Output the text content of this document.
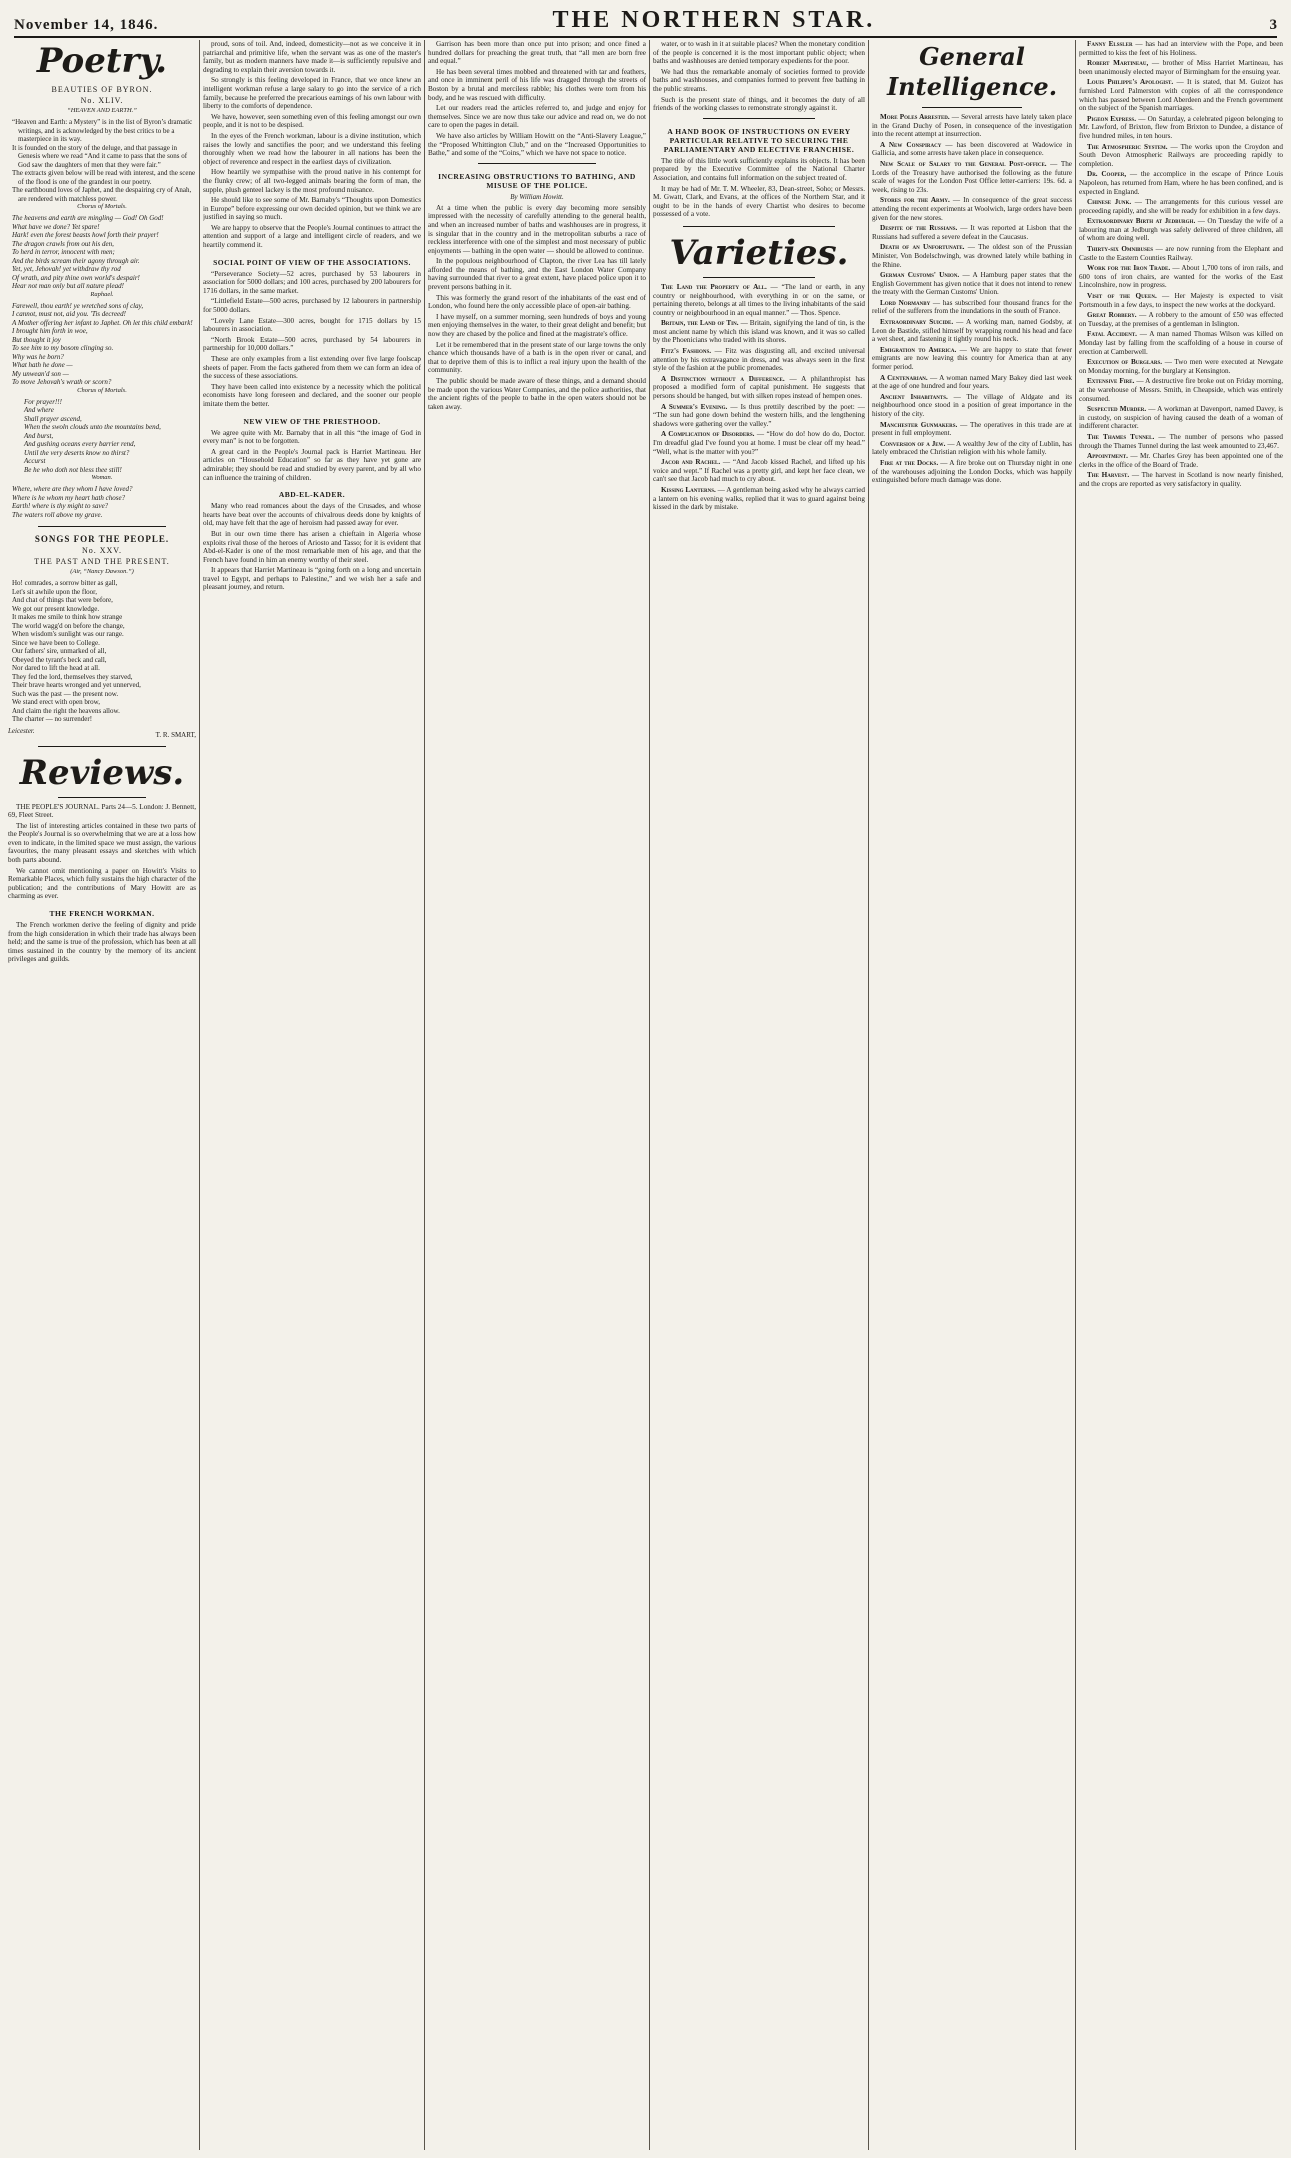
November 14, 1846.	THE NORTHERN STAR.	3
Poetry.
BEAUTIES OF BYRON.
No. XLIV.
“HEAVEN AND EARTH.”
“Heaven and Earth: a Mystery” is in the list of Byron’s dramatic writings, and is acknowledged by the best critics to be a masterpiece in its way.
It is founded on the story of the deluge, and that passage in Genesis where we read “And it came to pass that the sons of God saw the daughters of men that they were fair.”
The extracts given below will be read with interest, and the scene of the flood is one of the grandest in our poetry.
The earthbound loves of Japhet, and the despairing cry of Anah, are rendered with matchless power.
Chorus of Mortals.
The heavens and earth are mingling — God! Oh God!
What have we done? Yet spare!
Hark! even the forest beasts howl forth their prayer!
The dragon crawls from out his den,
To herd in terror, innocent with men;
And the birds scream their agony through air.
Yet, yet, Jehovah! yet withdraw thy rod
Of wrath, and pity thine own world's despair!
Hear not man only but all nature plead!
Raphael.
Farewell, thou earth! ye wretched sons of clay,
I cannot, must not, aid you. 'Tis decreed!
A Mother offering her infant to Japhet. Oh let this child embark!
I brought him forth in woe,
But thought it joy
To see him to my bosom clinging so.
Why was he born?
What hath he done —
My unwean'd son —
To move Jehovah's wrath or scorn?
Chorus of Mortals.
For prayer!!!
And where
Shall prayer ascend,
When the swoln clouds unto the mountains bend,
And burst,
And gushing oceans every barrier rend,
Until the very deserts know no thirst?
Accurst
Be he who doth not bless thee still!
Woman.
Where, where are they whom I have loved?
Where is he whom my heart hath chose?
Earth! where is thy might to save?
The waters roll above my grave.
SONGS FOR THE PEOPLE.
No. XXV.
THE PAST AND THE PRESENT.
(Air, “Nancy Dawson.”)
Ho! comrades, a sorrow bitter as gall,
Let's sit awhile upon the floor,
And chat of things that were before,
We got our present knowledge.
It makes me smile to think how strange
The world wagg'd on before the change,
When wisdom's sunlight was our range.
Since we have been to College.
Our fathers' sire, unmarked of all,
Obeyed the tyrant's beck and call,
Nor dared to lift the head at all.
They fed the lord, themselves they starved,
Their brave hearts wronged and yet unnerved,
Such was the past — the present now.
We stand erect with open brow,
And claim the right the heavens allow.
The charter — no surrender!
Leicester.	T. R. SMART,
Reviews.

THE PEOPLE'S JOURNAL. Parts 24—5. London: J. Bennett, 69, Fleet Street.

The list of interesting articles contained in these two parts of the People's Journal is so overwhelming that we are at a loss how even to indicate, in the limited space we must assign, the various favourites, the many pleasant essays and sketches with which both parts abound.

We cannot omit mentioning a paper on Howitt's Visits to Remarkable Places, which fully sustains the high character of the publication; and the contributions of Mary Howitt are as charming as ever.

THE FRENCH WORKMAN.

The French workmen derive the feeling of dignity and pride from the high consideration in which their trade has always been held; and the same is true of the profession, which has been at all times sustained in the country by the memory of its ancient privileges and guilds.

proud, sons of toil. And, indeed, domesticity—not as we conceive it in patriarchal and primitive life, when the servant was as one of the master's family, but as modern manners have made it—is sufficiently repulsive and degrading to explain their aversion towards it.

So strongly is this feeling developed in France, that we once knew an intelligent workman refuse a large salary to go into the service of a rich family, because he preferred the precarious earnings of his own labour with liberty to the comforts of dependence.

We have, however, seen something even of this feeling amongst our own people, and it is not to be despised.

In the eyes of the French workman, labour is a divine institution, which raises the lowly and sanctifies the poor; and we understand this feeling thoroughly when we read how the labourer in all nations has been the object of reverence and respect in the earliest days of civilization.

How heartily we sympathise with the proud native in his contempt for the flunky crew; of all two-legged animals bearing the form of man, the supple, plush genteel lackey is the most profound nuisance.

He should like to see some of Mr. Barnaby's “Thoughts upon Domestics in Europe” before expressing our own decided opinion, but we think we are justified in saying so much.

We are happy to observe that the People's Journal continues to attract the attention and support of a large and intelligent circle of readers, and we heartily commend it.

SOCIAL POINT OF VIEW OF THE ASSOCIATIONS.

“Perseverance Society—52 acres, purchased by 53 labourers in association for 5000 dollars; and 100 acres, purchased by 200 labourers for 1716 dollars, in the same market.

“Littlefield Estate—500 acres, purchased by 12 labourers in partnership for 5000 dollars.

“Lovely Lane Estate—300 acres, bought for 1715 dollars by 15 labourers in association.

“North Brook Estate—500 acres, purchased by 54 labourers in partnership for 10,000 dollars.”

These are only examples from a list extending over five large foolscap sheets of paper. From the facts gathered from them we can form an idea of the success of these associations.

They have been called into existence by a necessity which the political economists have long foreseen and declared, and the sooner our people imitate them the better.

NEW VIEW OF THE PRIESTHOOD.

We agree quite with Mr. Barnaby that in all this “the image of God in every man” is not to be forgotten.

A great card in the People's Journal pack is Harriet Martineau. Her articles on “Household Education” so far as they have yet gone are admirable; they should be read and studied by every parent, and by all who can influence the training of children.

ABD-EL-KADER.

Many who read romances about the days of the Crusades, and whose hearts have beat over the accounts of chivalrous deeds done by knights of old, may have felt that the age of heroism had passed away for ever.

But in our own time there has arisen a chieftain in Algeria whose exploits rival those of the heroes of Ariosto and Tasso; for it is evident that Abd-el-Kader is one of the most remarkable men of his age, and that the French have found in him an enemy worthy of their steel.

It appears that Harriet Martineau is “going forth on a long and uncertain travel to Egypt, and perhaps to Palestine,” and we wish her a safe and pleasant journey, and return.

Garrison has been more than once put into prison; and once fined a hundred dollars for preaching the great truth, that “all men are born free and equal.”

He has been several times mobbed and threatened with tar and feathers, and once in imminent peril of his life was dragged through the streets of Boston by a brutal and merciless rabble; his clothes were torn from his body, and he was rescued with difficulty.

Let our readers read the articles referred to, and judge and enjoy for themselves. Since we are now thus take our advice and read on, we do not care to open the pages in detail.

We have also articles by William Howitt on the “Anti-Slavery League,” the “Proposed Whittington Club,” and on the “Increased Opportunities to Bathe,” and some of the “Coins,” which we have not space to notice.

INCREASING OBSTRUCTIONS TO BATHING, AND MISUSE OF THE POLICE.
By William Howitt.

At a time when the public is every day becoming more sensibly impressed with the necessity of carefully attending to the general health, and when an increased number of baths and washhouses are in progress, it is singular that in the country and in the metropolitan suburbs a race of reckless interference with one of the simplest and most necessary of public enjoyments — bathing in the open water — should be allowed to continue.

In the populous neighbourhood of Clapton, the river Lea has till lately afforded the means of bathing, and the East London Water Company having surrounded that river to a great extent, have placed police upon it to prevent persons bathing in it.

This was formerly the grand resort of the inhabitants of the east end of London, who found here the only accessible place of open-air bathing.

I have myself, on a summer morning, seen hundreds of boys and young men enjoying themselves in the water, to their great delight and benefit; but now they are chased by the police and fined at the magistrate's office.

Let it be remembered that in the present state of our large towns the only chance which thousands have of a bath is in the open river or canal, and that to deprive them of this is to inflict a real injury upon the health of the community.

The public should be made aware of these things, and a demand should be made upon the various Water Companies, and the police authorities, that the ancient rights of the people to bathe in the open waters should not be taken away.

water, or to wash in it at suitable places? When the monetary condition of the people is concerned it is the most important public object; when baths and washhouses are denied temporary expedients for the poor.

We had thus the remarkable anomaly of societies formed to provide baths and washhouses, and companies formed to prevent free bathing in the public streams.

Such is the present state of things, and it becomes the duty of all friends of the working classes to remonstrate strongly against it.

A HAND BOOK OF INSTRUCTIONS ON EVERY PARTICULAR RELATIVE TO SECURING THE PARLIAMENTARY AND ELECTIVE FRANCHISE.

The title of this little work sufficiently explains its objects. It has been prepared by the Executive Committee of the National Charter Association, and contains full information on the subject treated of.

It may be had of Mr. T. M. Wheeler, 83, Dean-street, Soho; or Messrs. M. Gwatt, Clark, and Evans, at the offices of the Northern Star, and it ought to be in the hands of every Chartist who desires to become possessed of a vote.

Varieties.

The Land the Property of All. — “The land or earth, in any country or neighbourhood, with everything in or on the same, or pertaining thereto, belongs at all times to the living inhabitants of the said country or neighbourhood in an equal manner.” — Thos. Spence.

Britain, the Land of Tin. — Britain, signifying the land of tin, is the most ancient name by which this island was known, and it was so called by the Phoenicians who traded with its shores.

Fitz's Fashions. — Fitz was disgusting all, and excited universal attention by his extravagance in dress, and was always seen in the first style of the fashion at the public promenades.

A Distinction without a Difference. — A philanthropist has proposed a modified form of capital punishment. He suggests that persons should be hanged, but with silken ropes instead of hempen ones.

A Summer's Evening. — Is thus prettily described by the poet: — “The sun had gone down behind the western hills, and the lengthening shadows were gathering over the valley.”

A Complication of Disorders. — “How do do! how do do, Doctor. I'm dreadful glad I've found you at home. I must be clear off my head.” “Well, what is the matter with you?”

Jacob and Rachel. — “And Jacob kissed Rachel, and lifted up his voice and wept.” If Rachel was a pretty girl, and kept her face clean, we can't see that Jacob had much to cry about.

Kissing Lanterns. — A gentleman being asked why he always carried a lantern on his evening walks, replied that it was to guard against being kissed in the dark by mistake.

General Intelligence.

More Poles Arrested. — Several arrests have lately taken place in the Grand Duchy of Posen, in consequence of the investigation into the recent attempt at insurrection.

A New Conspiracy — has been discovered at Wadowice in Gallicia, and some arrests have taken place in consequence.

New Scale of Salary to the General Post-office. — The Lords of the Treasury have authorised the following as the future scale of wages for the London Post Office letter-carriers: 19s. 6d. a week, rising to 23s.

Stores for the Army. — In consequence of the great success attending the recent experiments at Woolwich, large orders have been given for the new stores.

Despite of the Russians. — It was reported at Lisbon that the Russians had suffered a severe defeat in the Caucasus.

Death of an Unfortunate. — The oldest son of the Prussian Minister, Von Bodelschwingh, was drowned lately while bathing in the Rhine.

German Customs' Union. — A Hamburg paper states that the English Government has given notice that it does not intend to renew the treaty with the German Customs' Union.

Lord Normanby — has subscribed four thousand francs for the relief of the sufferers from the inundations in the south of France.

Extraordinary Suicide. — A working man, named Godsby, at Leon de Bastide, stifled himself by wrapping round his head and face a wet sheet, and fastening it tightly round his neck.

Emigration to America. — We are happy to state that fewer emigrants are now leaving this country for America than at any former period.

A Centenarian. — A woman named Mary Bakey died last week at the age of one hundred and four years.

Ancient Inhabitants. — The village of Aldgate and its neighbourhood once stood in a position of great importance in the history of the city.

Manchester Gunmakers. — The operatives in this trade are at present in full employment.

Conversion of a Jew. — A wealthy Jew of the city of Lublin, has lately embraced the Christian religion with his whole family.

Fire at the Docks. — A fire broke out on Thursday night in one of the warehouses adjoining the London Docks, which was happily extinguished before much damage was done.

Fanny Elssler — has had an interview with the Pope, and been permitted to kiss the feet of his Holiness.

Robert Martineau, — brother of Miss Harriet Martineau, has been unanimously elected mayor of Birmingham for the ensuing year.

Louis Philippe's Apologist. — It is stated, that M. Guizot has furnished Lord Palmerston with copies of all the correspondence which has passed between Lord Aberdeen and the French government on the subject of the Spanish marriages.

Pigeon Express. — On Saturday, a celebrated pigeon belonging to Mr. Lawford, of Brixton, flew from Brixton to Dundee, a distance of five hundred miles, in ten hours.

The Atmospheric System. — The works upon the Croydon and South Devon Atmospheric Railways are proceeding rapidly to completion.

Dr. Cooper, — the accomplice in the escape of Prince Louis Napoleon, has returned from Ham, where he has been confined, and is expected in England.

Chinese Junk. — The arrangements for this curious vessel are proceeding rapidly, and she will be ready for exhibition in a few days.

Extraordinary Birth at Jedburgh. — On Tuesday the wife of a labouring man at Jedburgh was safely delivered of three children, all of whom are doing well.

Thirty-six Omnibuses — are now running from the Elephant and Castle to the Eastern Counties Railway.

Work for the Iron Trade. — About 1,700 tons of iron rails, and 600 tons of iron chairs, are wanted for the works of the East Lincolnshire, now in progress.

Visit of the Queen. — Her Majesty is expected to visit Portsmouth in a few days, to inspect the new works at the dockyard.

Great Robbery. — A robbery to the amount of £50 was effected on Tuesday, at the premises of a gentleman in Islington.

Fatal Accident. — A man named Thomas Wilson was killed on Monday last by falling from the scaffolding of a house in course of erection at Camberwell.

Execution of Burglars. — Two men were executed at Newgate on Monday morning, for the burglary at Kensington.

Extensive Fire. — A destructive fire broke out on Friday morning, at the warehouse of Messrs. Smith, in Cheapside, which was entirely consumed.

Suspected Murder. — A workman at Davenport, named Davey, is in custody, on suspicion of having caused the death of a woman of indifferent character.

The Thames Tunnel. — The number of persons who passed through the Thames Tunnel during the last week amounted to 23,467.

Appointment. — Mr. Charles Grey has been appointed one of the clerks in the office of the Board of Trade.

The Harvest. — The harvest in Scotland is now nearly finished, and the crops are reported as very satisfactory in quality.
